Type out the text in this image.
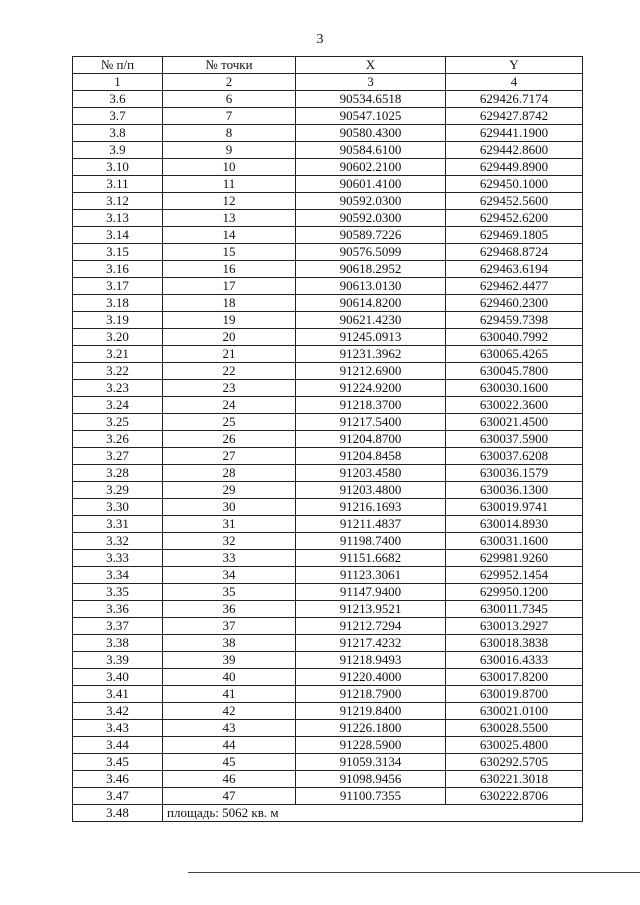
3
№ п/п	№ точки	X	Y
1	2	3	4
3.6	6	90534.6518	629426.7174
3.7	7	90547.1025	629427.8742
3.8	8	90580.4300	629441.1900
3.9	9	90584.6100	629442.8600
3.10	10	90602.2100	629449.8900
3.11	11	90601.4100	629450.1000
3.12	12	90592.0300	629452.5600
3.13	13	90592.0300	629452.6200
3.14	14	90589.7226	629469.1805
3.15	15	90576.5099	629468.8724
3.16	16	90618.2952	629463.6194
3.17	17	90613.0130	629462.4477
3.18	18	90614.8200	629460.2300
3.19	19	90621.4230	629459.7398
3.20	20	91245.0913	630040.7992
3.21	21	91231.3962	630065.4265
3.22	22	91212.6900	630045.7800
3.23	23	91224.9200	630030.1600
3.24	24	91218.3700	630022.3600
3.25	25	91217.5400	630021.4500
3.26	26	91204.8700	630037.5900
3.27	27	91204.8458	630037.6208
3.28	28	91203.4580	630036.1579
3.29	29	91203.4800	630036.1300
3.30	30	91216.1693	630019.9741
3.31	31	91211.4837	630014.8930
3.32	32	91198.7400	630031.1600
3.33	33	91151.6682	629981.9260
3.34	34	91123.3061	629952.1454
3.35	35	91147.9400	629950.1200
3.36	36	91213.9521	630011.7345
3.37	37	91212.7294	630013.2927
3.38	38	91217.4232	630018.3838
3.39	39	91218.9493	630016.4333
3.40	40	91220.4000	630017.8200
3.41	41	91218.7900	630019.8700
3.42	42	91219.8400	630021.0100
3.43	43	91226.1800	630028.5500
3.44	44	91228.5900	630025.4800
3.45	45	91059.3134	630292.5705
3.46	46	91098.9456	630221.3018
3.47	47	91100.7355	630222.8706
3.48	площадь: 5062 кв. м		
